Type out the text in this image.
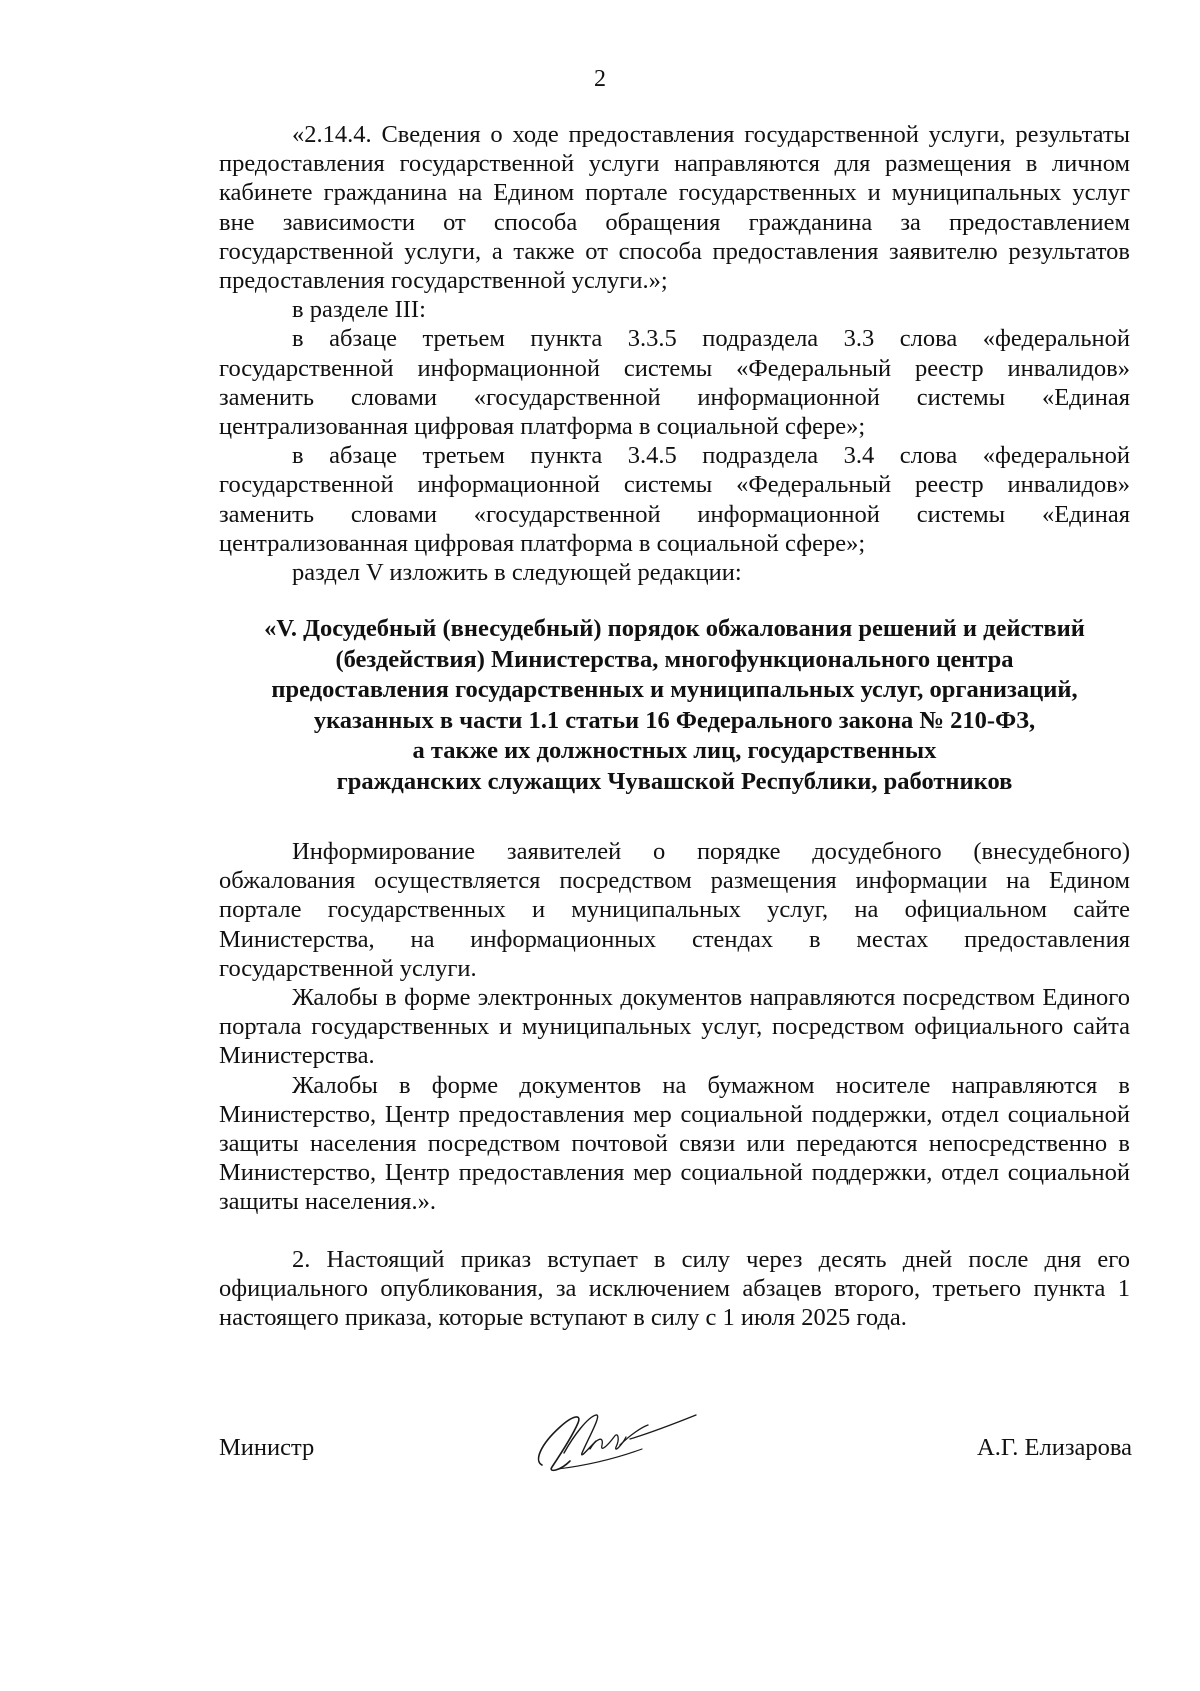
2

«2.14.4. Сведения о ходе предоставления государственной услуги, результаты предоставления государственной услуги направляются для размещения в личном кабинете гражданина на Едином портале государственных и муниципальных услуг вне зависимости от способа обращения гражданина за предоставлением государственной услуги, а также от способа предоставления заявителю результатов предоставления государственной услуги.»;

в разделе III:

в абзаце третьем пункта 3.3.5 подраздела 3.3 слова «федеральной государственной информационной системы «Федеральный реестр инвалидов» заменить словами «государственной информационной системы «Единая централизованная цифровая платформа в социальной сфере»;

в абзаце третьем пункта 3.4.5 подраздела 3.4 слова «федеральной государственной информационной системы «Федеральный реестр инвалидов» заменить словами «государственной информационной системы «Единая централизованная цифровая платформа в социальной сфере»;

раздел V изложить в следующей редакции:

«V. Досудебный (внесудебный) порядок обжалования решений и действий
(бездействия) Министерства, многофункционального центра
предоставления государственных и муниципальных услуг, организаций,
указанных в части 1.1 статьи 16 Федерального закона № 210-ФЗ,
а также их должностных лиц, государственных
гражданских служащих Чувашской Республики, работников

Информирование заявителей о порядке досудебного (внесудебного) обжалования осуществляется посредством размещения информации на Едином портале государственных и муниципальных услуг, на официальном сайте Министерства, на информационных стендах в местах предоставления государственной услуги.

Жалобы в форме электронных документов направляются посредством Единого портала государственных и муниципальных услуг, посредством официального сайта Министерства.

Жалобы в форме документов на бумажном носителе направляются в Министерство, Центр предоставления мер социальной поддержки, отдел социальной защиты населения посредством почтовой связи или передаются непосредственно в Министерство, Центр предоставления мер социальной поддержки, отдел социальной защиты населения.».

2. Настоящий приказ вступает в силу через десять дней после дня его официального опубликования, за исключением абзацев второго, третьего пункта 1 настоящего приказа, которые вступают в силу с 1 июля 2025 года.

Министр	А.Г. Елизарова
